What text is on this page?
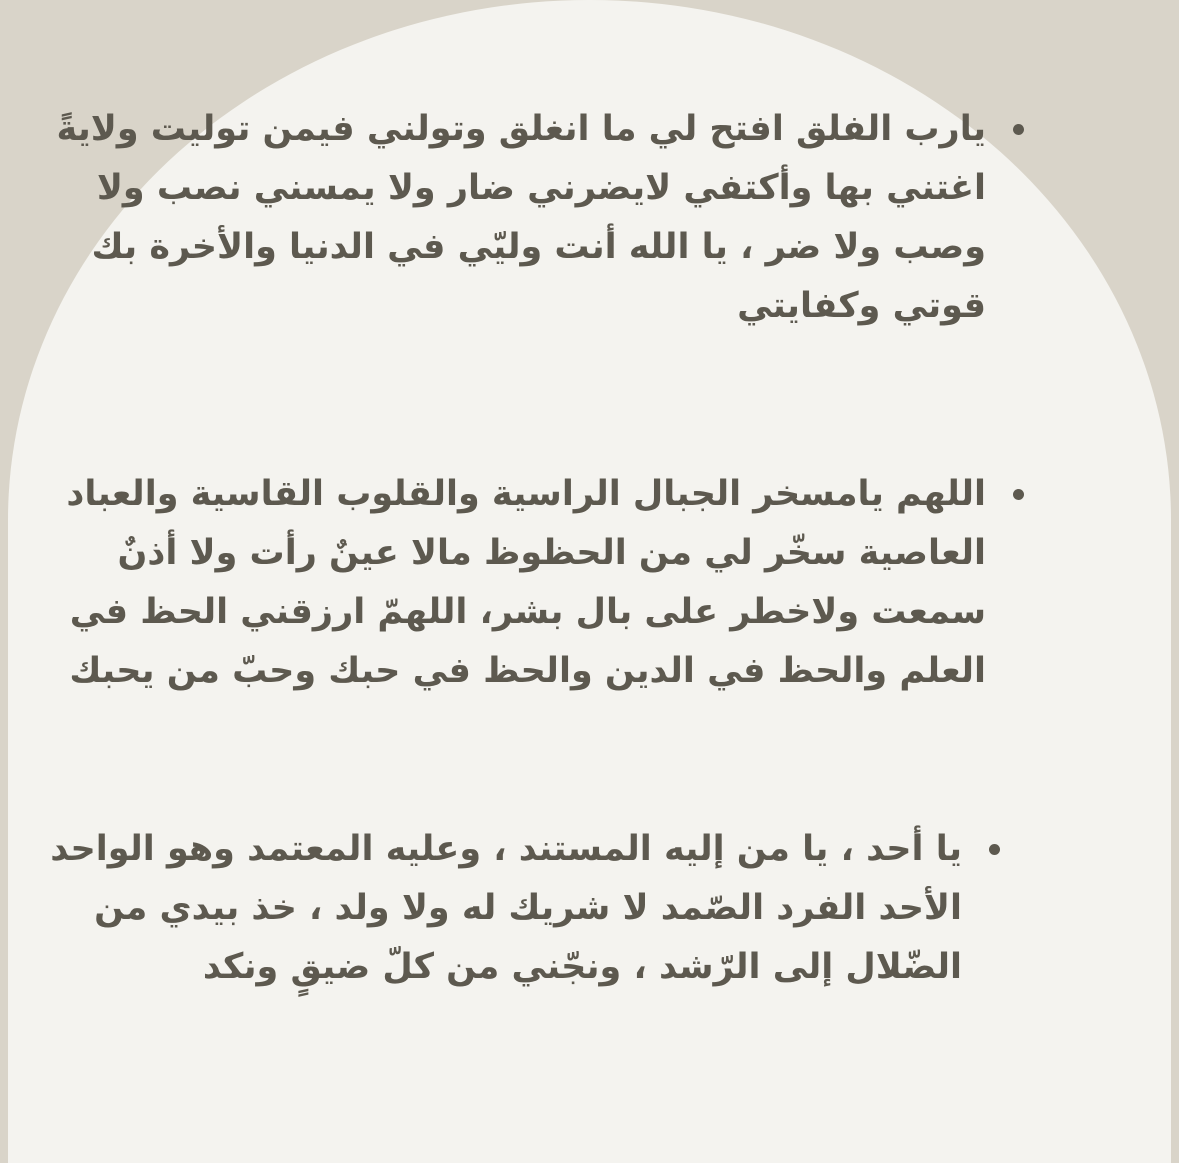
يارب الفلق افتح لي ما انغلق وتولني فيمن توليت ولايةً
اغتني بها وأكتفي لايضرني ضار ولا يمسني نصب ولا
وصب ولا ضر ، يا الله أنت وليّي في الدنيا والأخرة بك
قوتي وكفايتي
اللهم يامسخر الجبال الراسية والقلوب القاسية والعباد
العاصية سخّر لي من الحظوظ مالا عينٌ رأت ولا أذنٌ
سمعت ولاخطر على بال بشر، اللهمّ ارزقني الحظ في
العلم والحظ في الدين والحظ في حبك وحبّ من يحبك
يا أحد ، يا من إليه المستند ، وعليه المعتمد وهو الواحد
الأحد الفرد الصّمد لا شريك له ولا ولد ، خذ بيدي من
الضّلال إلى الرّشد ، ونجّني من كلّ ضيقٍ ونكد
